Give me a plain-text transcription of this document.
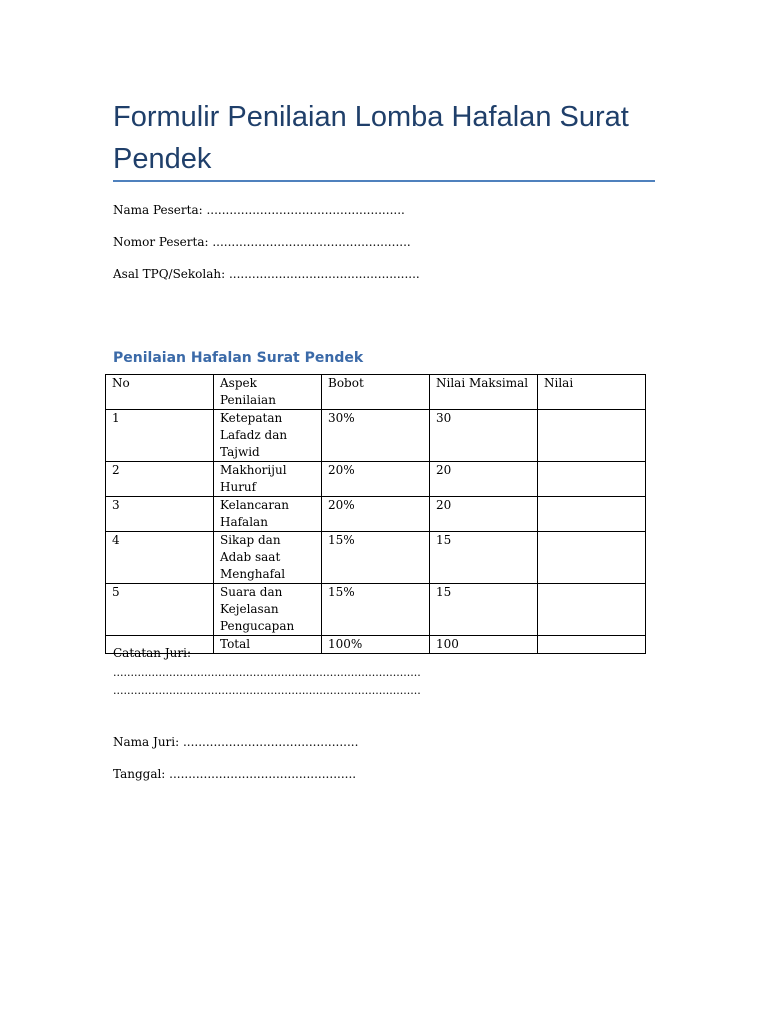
Formulir Penilaian Lomba Hafalan Surat Pendek
Nama Peserta: ....................................................
Nomor Peserta: ....................................................
Asal TPQ/Sekolah: ..................................................
Penilaian Hafalan Surat Pendek
No	Aspek Penilaian	Bobot	Nilai Maksimal	Nilai
1	Ketepatan Lafadz dan Tajwid	30%	30	
2	Makhorijul Huruf	20%	20	
3	Kelancaran Hafalan	20%	20	
4	Sikap dan Adab saat Menghafal	15%	15	
5	Suara dan Kejelasan Pengucapan	15%	15	
	Total	100%	100	
Catatan Juri:
........................................................................................
........................................................................................
Nama Juri: ..............................................
Tanggal: .................................................
